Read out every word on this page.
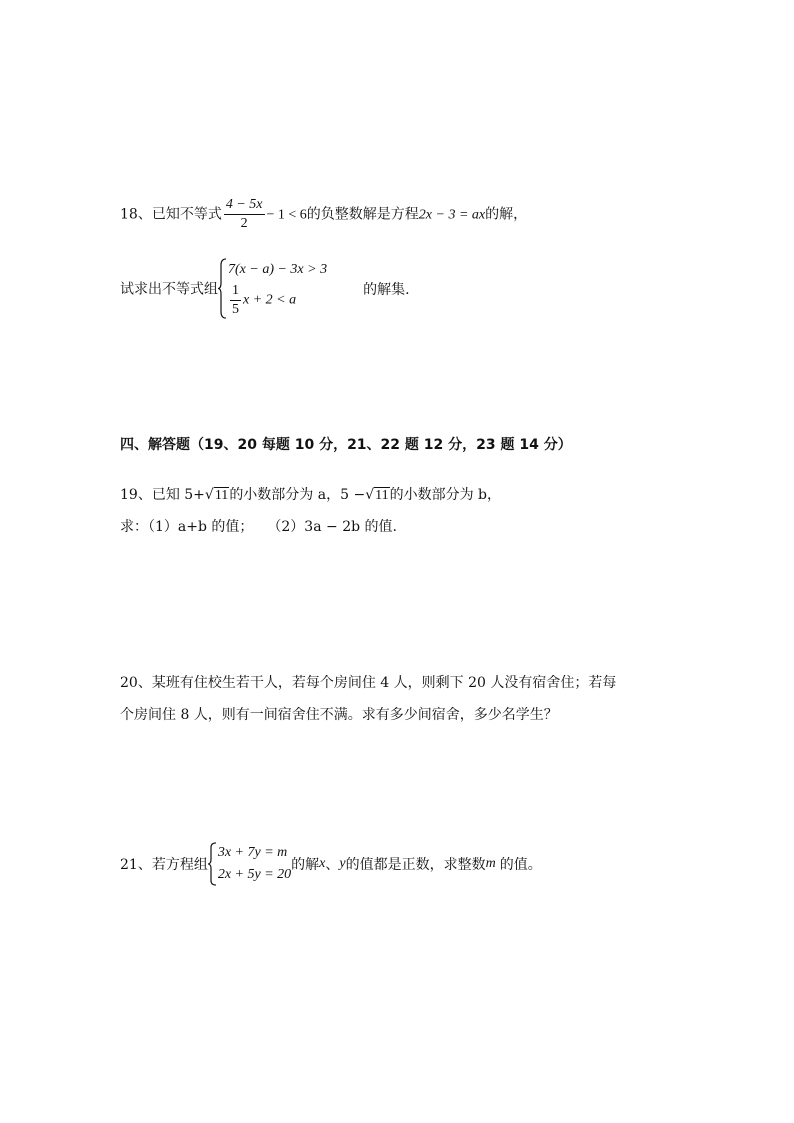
18、已知不等式 $\frac{4 - 5x}{2} - 1 < 6$的负整数解是方程2x − 3 = ax的解，
试求出不等式组
7(x − a) − 3x > 3
$\frac{1}{5}$ x + 2 < a
的解集.
四、解答题（19、20 每题 10 分，21、22 题 12 分，23 题 14 分）
19、已知 5+√11的小数部分为 a，5 −√11的小数部分为 b，
求：（1）a+b 的值；　　（2）3a − 2b 的值.
20、某班有住校生若干人，若每个房间住 4 人，则剩下 20 人没有宿舍住；若每
个房间住 8 人，则有一间宿舍住不满。求有多少间宿舍，多少名学生？
21、若方程组
3x + 7y = m
2x + 5y = 20
的解x、y的值都是正数，求整数m 的值。
